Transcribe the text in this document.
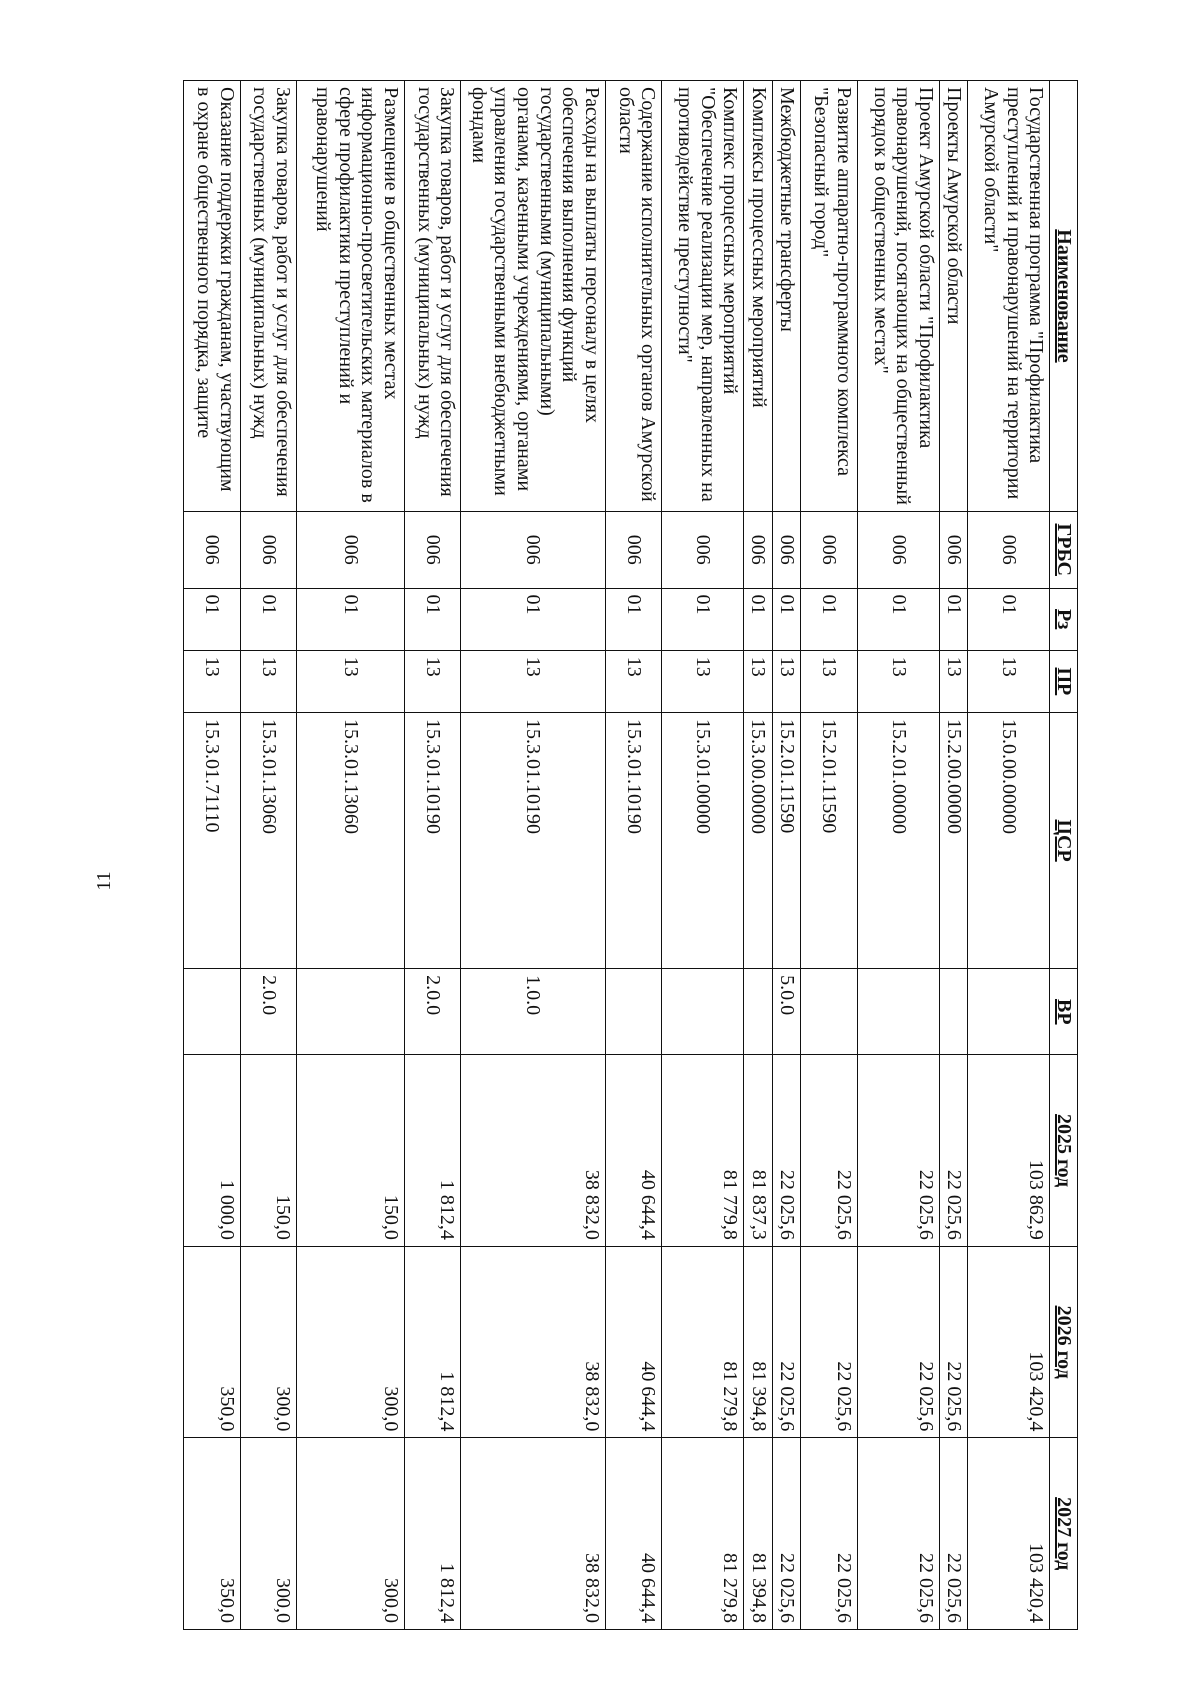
11
Наименование	ГРБС	Рз	ПР	ЦСР	ВР	2025 год	2026 год	2027 год
Государственная программа "Профилактика преступлений и правонарушений на территории Амурской области"	006	01	13	15.0.00.00000		103 862,9	103 420,4	103 420,4
Проекты Амурской области	006	01	13	15.2.00.00000		22 025,6	22 025,6	22 025,6
Проект Амурской области "Профилактика правонарушений, посягающих на общественный порядок в общественных местах"	006	01	13	15.2.01.00000		22 025,6	22 025,6	22 025,6
Развитие аппаратно-программного комплекса "Безопасный город"	006	01	13	15.2.01.11590		22 025,6	22 025,6	22 025,6
Межбюджетные трансферты	006	01	13	15.2.01.11590	5.0.0	22 025,6	22 025,6	22 025,6
Комплексы процессных мероприятий	006	01	13	15.3.00.00000		81 837,3	81 394,8	81 394,8
Комплекс процессных мероприятий "Обеспечение реализации мер, направленных на противодействие преступности"	006	01	13	15.3.01.00000		81 779,8	81 279,8	81 279,8
Содержание исполнительных органов Амурской области	006	01	13	15.3.01.10190		40 644,4	40 644,4	40 644,4
Расходы на выплаты персоналу в целях обеспечения выполнения функций государственными (муниципальными) органами, казенными учреждениями, органами управления государственными внебюджетными фондами	006	01	13	15.3.01.10190	1.0.0	38 832,0	38 832,0	38 832,0
Закупка товаров, работ и услуг для обеспечения государственных (муниципальных) нужд	006	01	13	15.3.01.10190	2.0.0	1 812,4	1 812,4	1 812,4
Размещение в общественных местах информационно-просветительских материалов в сфере профилактики преступлений и правонарушений	006	01	13	15.3.01.13060		150,0	300,0	300,0
Закупка товаров, работ и услуг для обеспечения государственных (муниципальных) нужд	006	01	13	15.3.01.13060	2.0.0	150,0	300,0	300,0
Оказание поддержки гражданам, участвующим в охране общественного порядка, защите	006	01	13	15.3.01.71110		1 000,0	350,0	350,0
